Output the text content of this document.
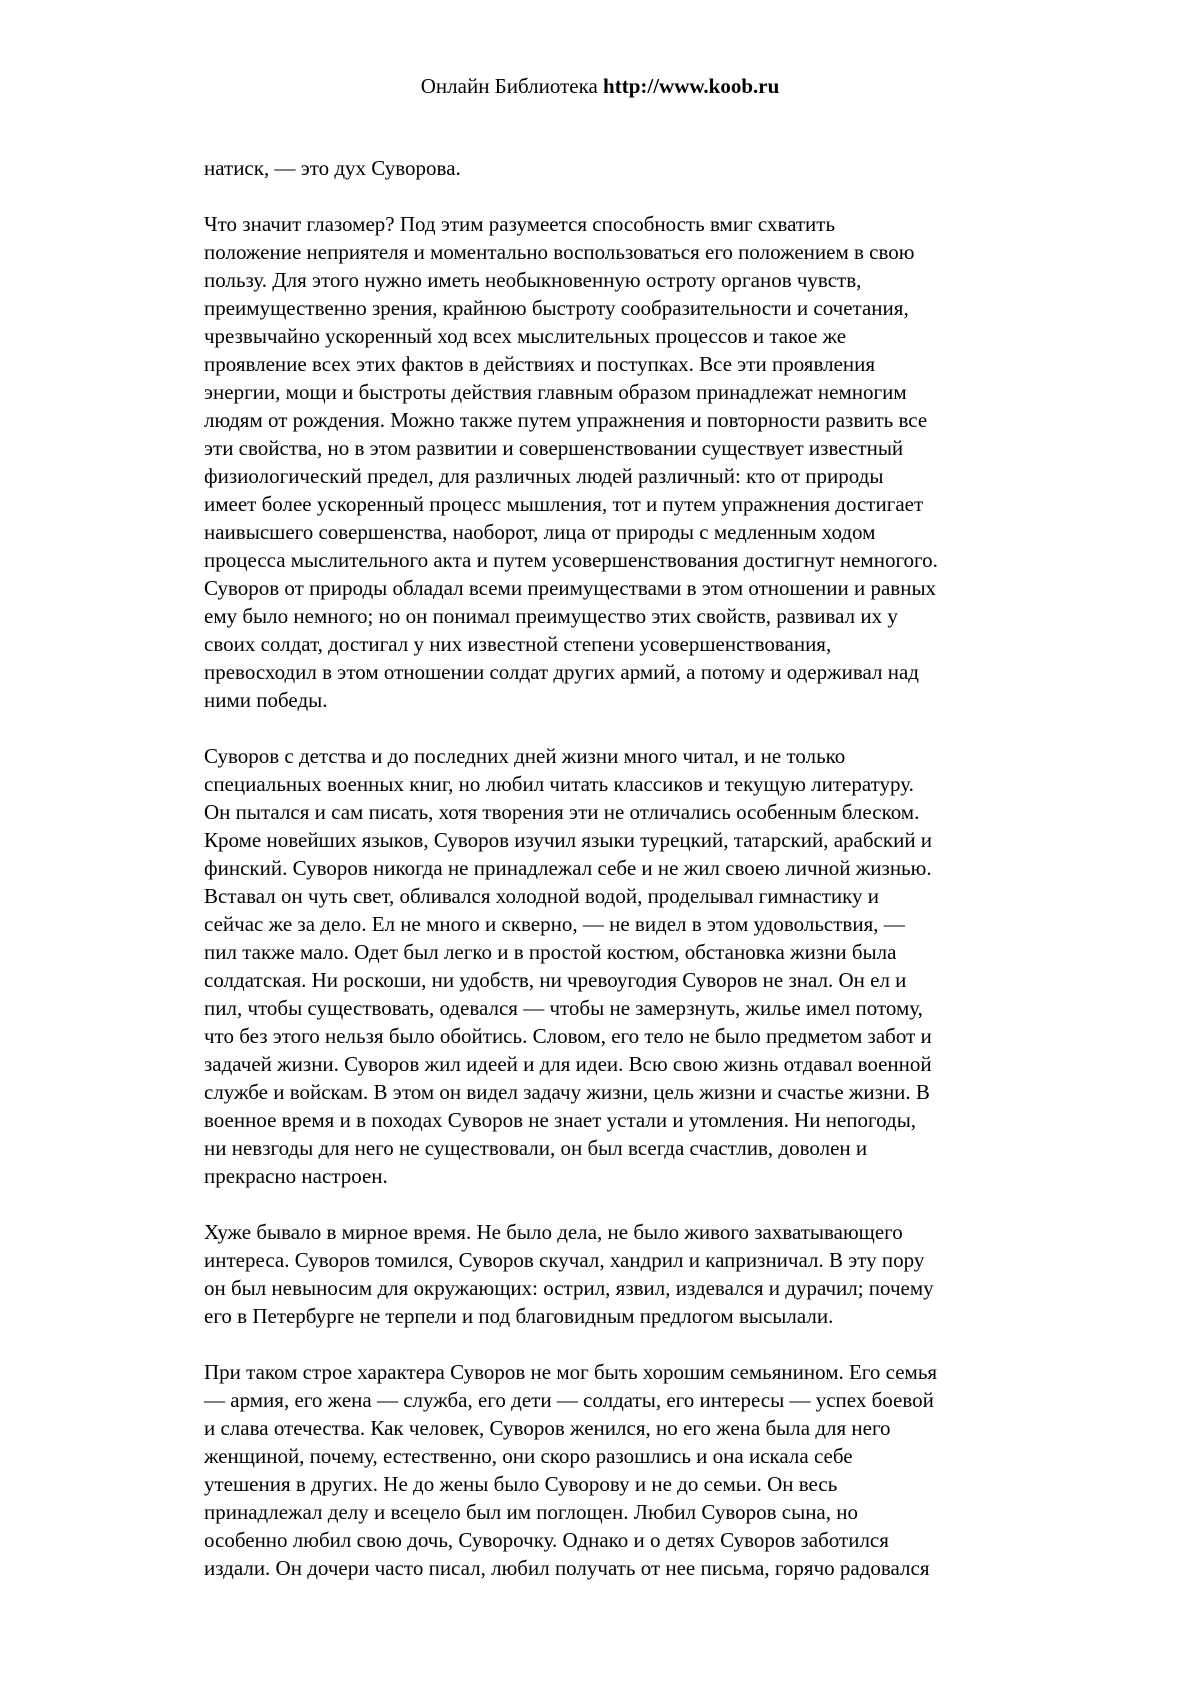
Онлайн Библиотека http://www.koob.ru
натиск, — это дух Суворова.
Что значит глазомер? Под этим разумеется способность вмиг схватить
положение неприятеля и моментально воспользоваться его положением в свою
пользу. Для этого нужно иметь необыкновенную остроту органов чувств,
преимущественно зрения, крайнюю быстроту сообразительности и сочетания,
чрезвычайно ускоренный ход всех мыслительных процессов и такое же
проявление всех этих фактов в действиях и поступках. Все эти проявления
энергии, мощи и быстроты действия главным образом принадлежат немногим
людям от рождения. Можно также путем упражнения и повторности развить все
эти свойства, но в этом развитии и совершенствовании существует известный
физиологический предел, для различных людей различный: кто от природы
имеет более ускоренный процесс мышления, тот и путем упражнения достигает
наивысшего совершенства, наоборот, лица от природы с медленным ходом
процесса мыслительного акта и путем усовершенствования достигнут немногого.
Суворов от природы обладал всеми преимуществами в этом отношении и равных
ему было немного; но он понимал преимущество этих свойств, развивал их у
своих солдат, достигал у них известной степени усовершенствования,
превосходил в этом отношении солдат других армий, а потому и одерживал над
ними победы.
Суворов с детства и до последних дней жизни много читал, и не только
специальных военных книг, но любил читать классиков и текущую литературу.
Он пытался и сам писать, хотя творения эти не отличались особенным блеском.
Кроме новейших языков, Суворов изучил языки турецкий, татарский, арабский и
финский. Суворов никогда не принадлежал себе и не жил своею личной жизнью.
Вставал он чуть свет, обливался холодной водой, проделывал гимнастику и
сейчас же за дело. Ел не много и скверно, — не видел в этом удовольствия, —
пил также мало. Одет был легко и в простой костюм, обстановка жизни была
солдатская. Ни роскоши, ни удобств, ни чревоугодия Суворов не знал. Он ел и
пил, чтобы существовать, одевался — чтобы не замерзнуть, жилье имел потому,
что без этого нельзя было обойтись. Словом, его тело не было предметом забот и
задачей жизни. Суворов жил идеей и для идеи. Всю свою жизнь отдавал военной
службе и войскам. В этом он видел задачу жизни, цель жизни и счастье жизни. В
военное время и в походах Суворов не знает устали и утомления. Ни непогоды,
ни невзгоды для него не существовали, он был всегда счастлив, доволен и
прекрасно настроен.
Хуже бывало в мирное время. Не было дела, не было живого захватывающего
интереса. Суворов томился, Суворов скучал, хандрил и капризничал. В эту пору
он был невыносим для окружающих: острил, язвил, издевался и дурачил; почему
его в Петербурге не терпели и под благовидным предлогом высылали.
При таком строе характера Суворов не мог быть хорошим семьянином. Его семья
— армия, его жена — служба, его дети — солдаты, его интересы — успех боевой
и слава отечества. Как человек, Суворов женился, но его жена была для него
женщиной, почему, естественно, они скоро разошлись и она искала себе
утешения в других. Не до жены было Суворову и не до семьи. Он весь
принадлежал делу и всецело был им поглощен. Любил Суворов сына, но
особенно любил свою дочь, Суворочку. Однако и о детях Суворов заботился
издали. Он дочери часто писал, любил получать от нее письма, горячо радовался
